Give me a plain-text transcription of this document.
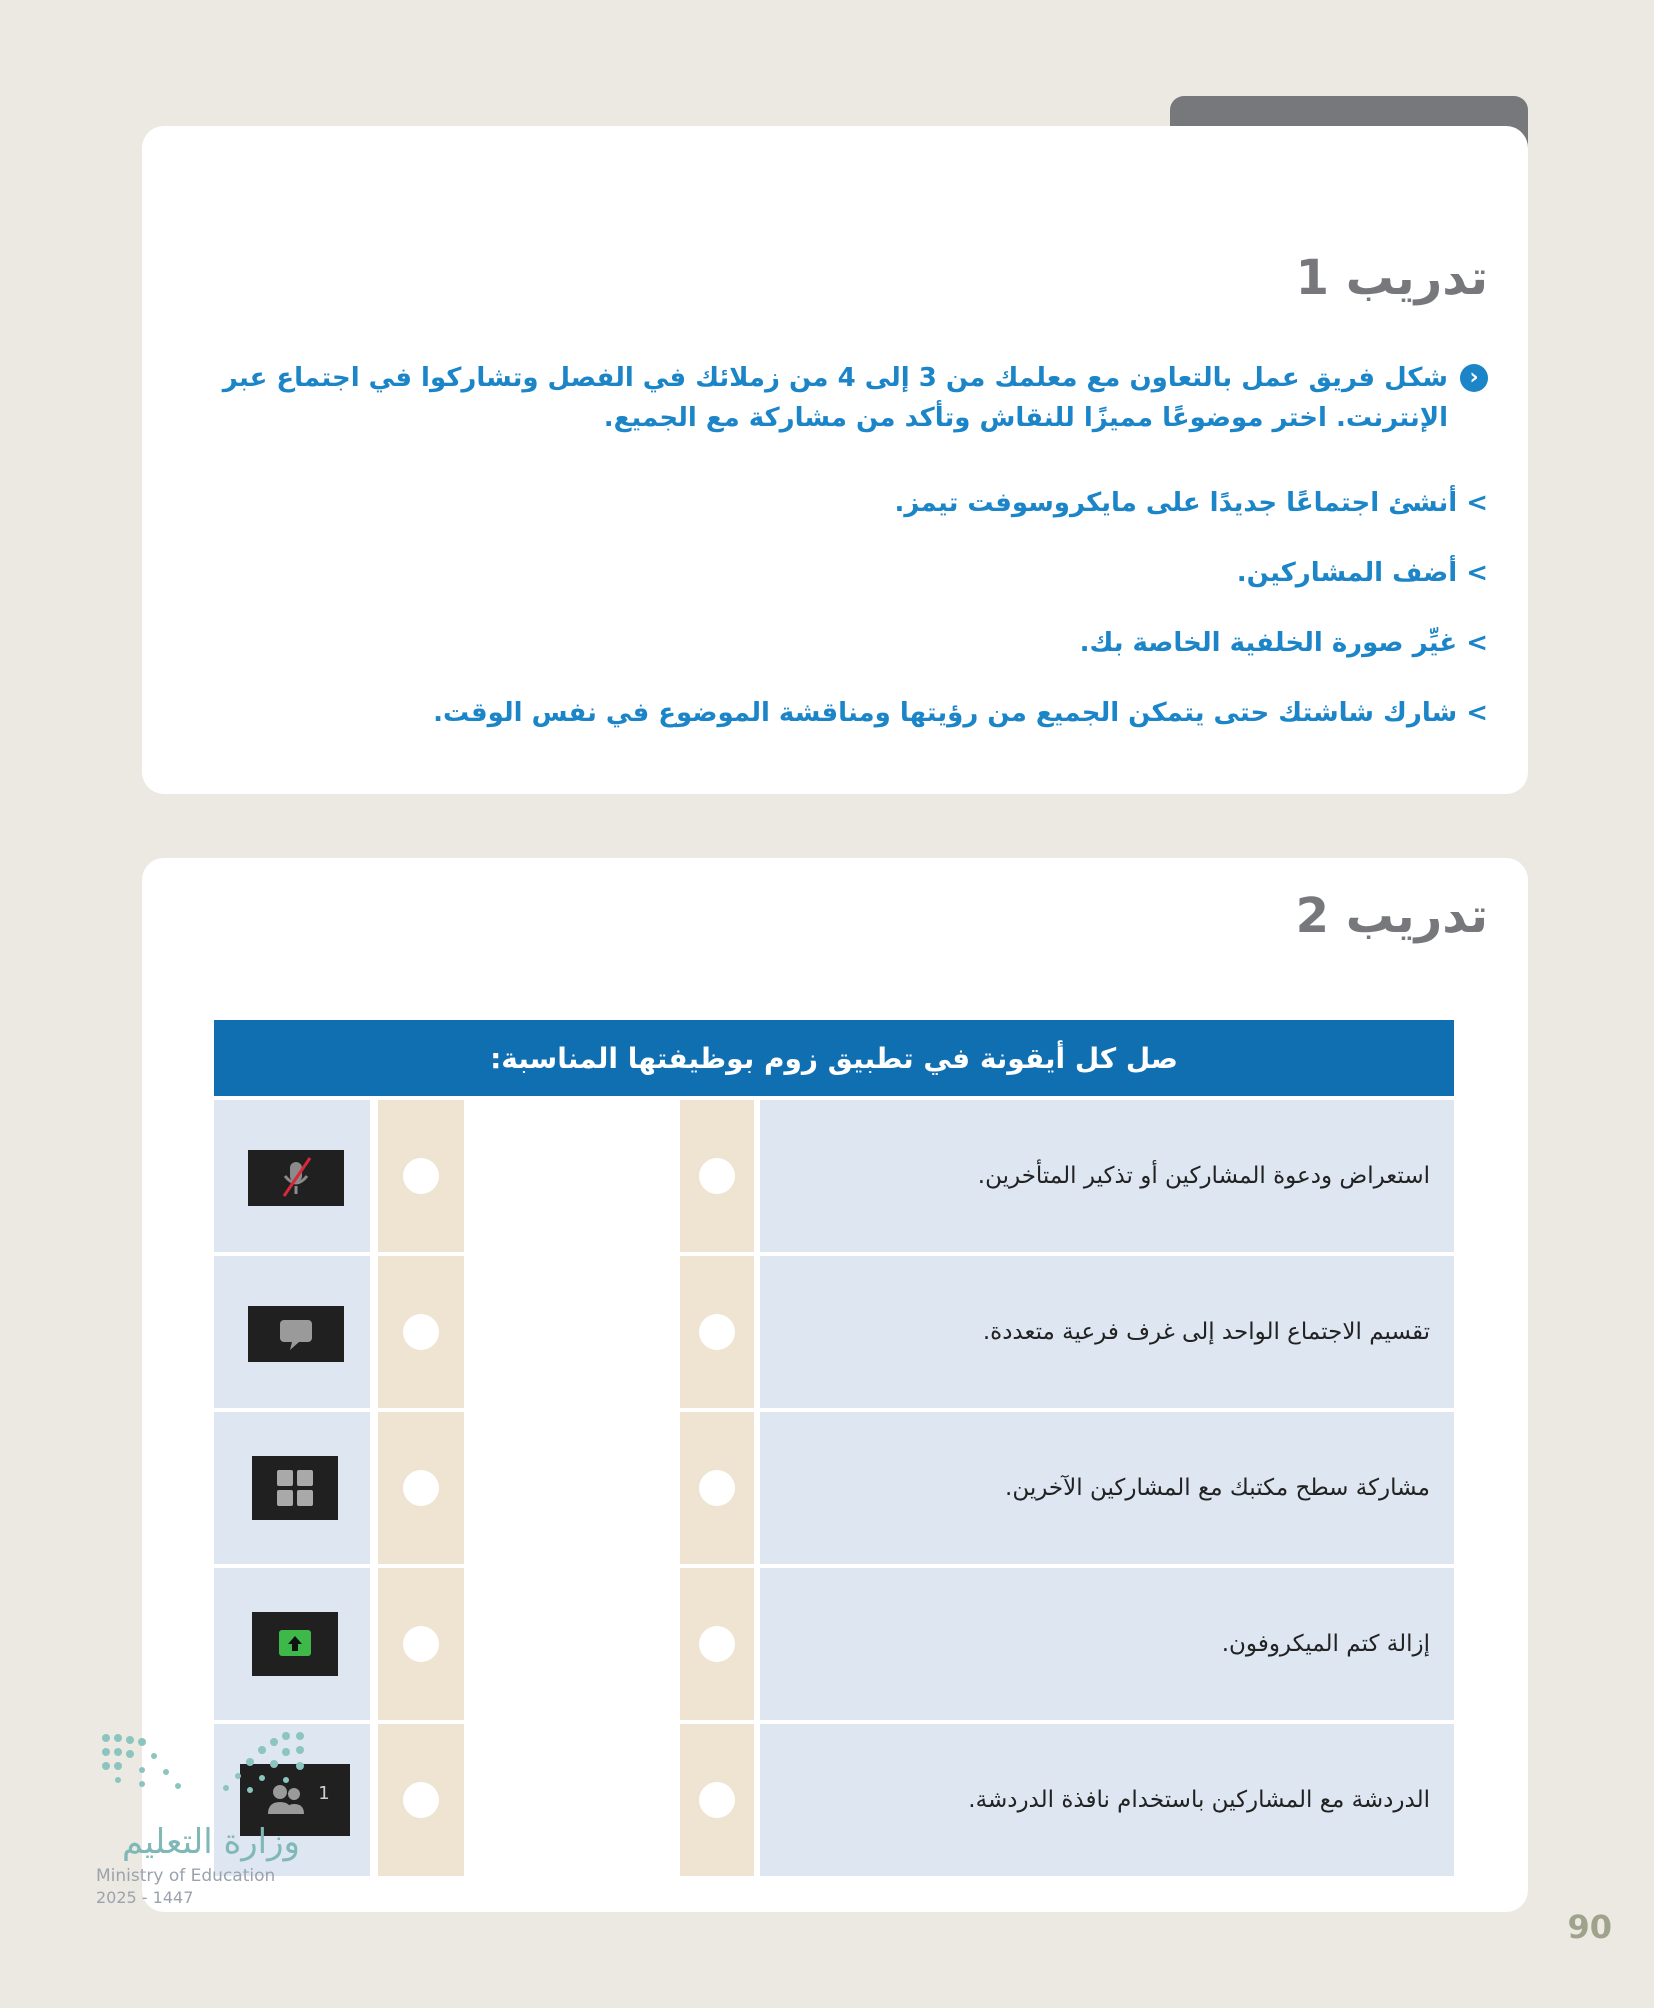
تدريب 1
‹
شكل فريق عمل بالتعاون مع معلمك من 3 إلى 4 من زملائك في الفصل وتشاركوا في اجتماع عبر الإنترنت. اختر موضوعًا مميزًا للنقاش وتأكد من مشاركة مع الجميع.
> أنشئ اجتماعًا جديدًا على مايكروسوفت تيمز.
> أضف المشاركين.
> غيِّر صورة الخلفية الخاصة بك.
> شارك شاشتك حتى يتمكن الجميع من رؤيتها ومناقشة الموضوع في نفس الوقت.
تدريب 2
صل كل أيقونة في تطبيق زوم بوظيفتها المناسبة:
استعراض ودعوة المشاركين أو تذكير المتأخرين.
تقسيم الاجتماع الواحد إلى غرف فرعية متعددة.
مشاركة سطح مكتبك مع المشاركين الآخرين.
إزالة كتم الميكروفون.
الدردشة مع المشاركين باستخدام نافذة الدردشة.
1
وزارة التعليم
Ministry of Education
2025 - 1447
90
